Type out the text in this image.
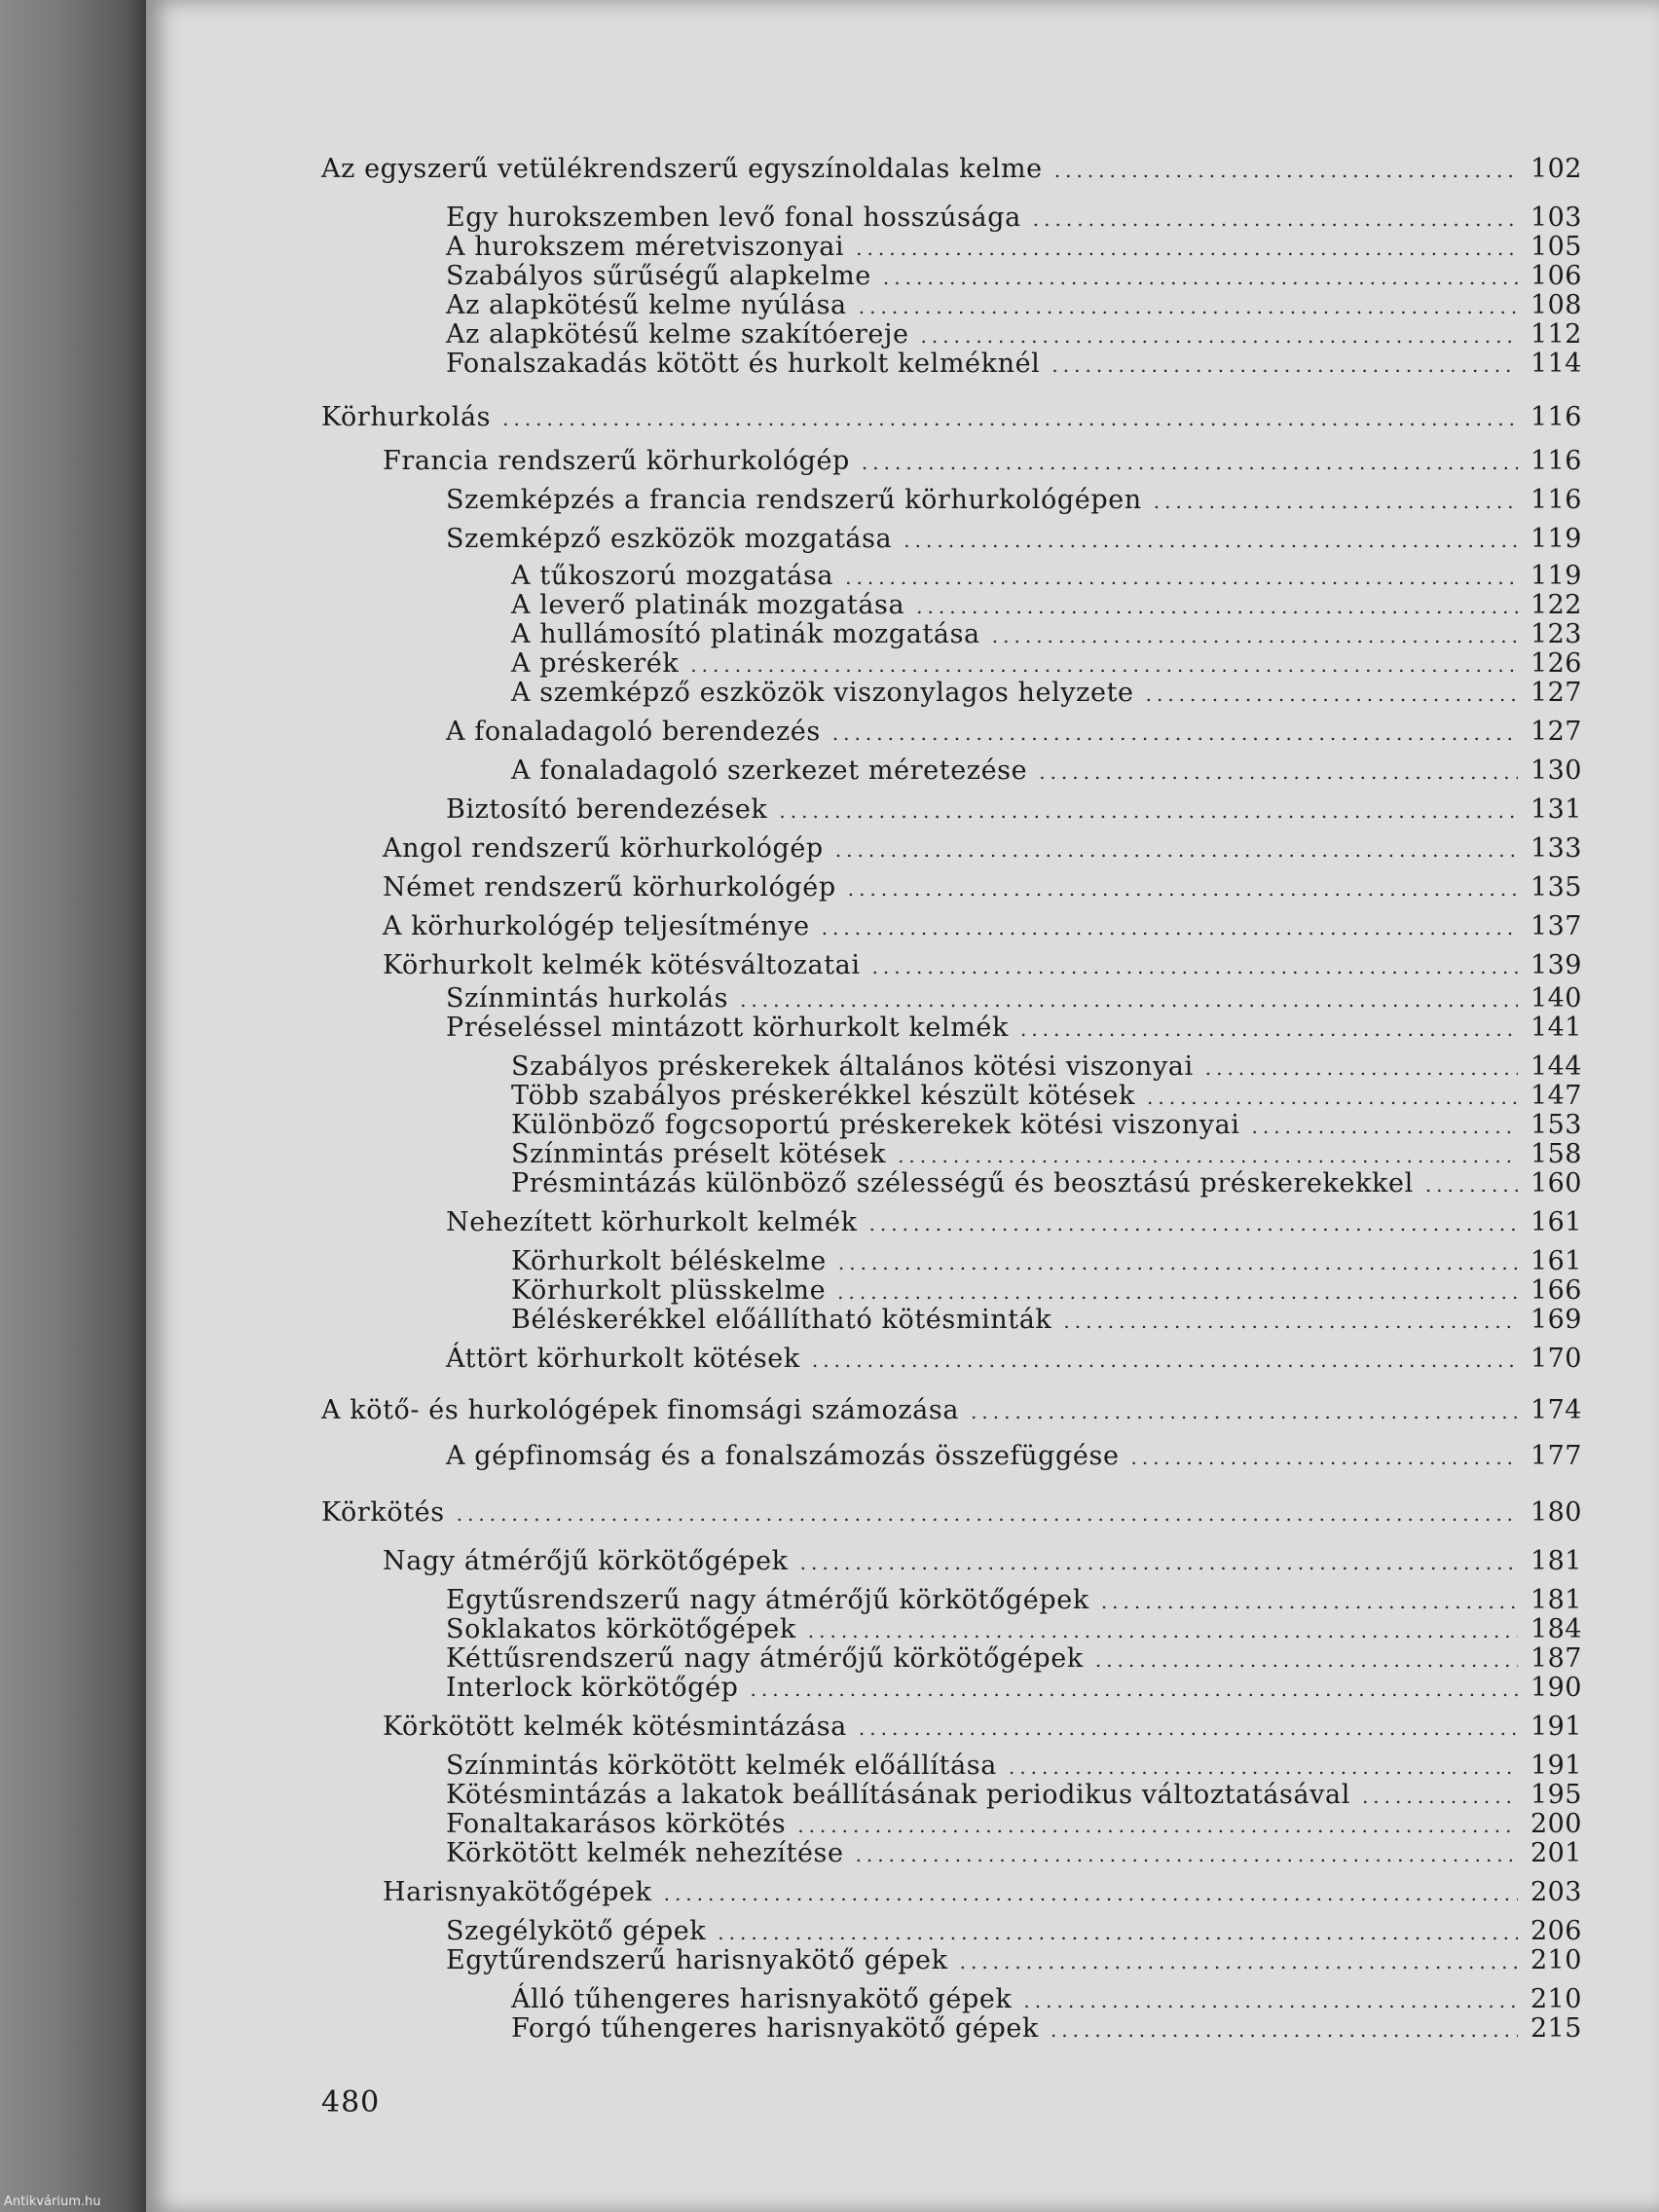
Az egyszerű vetülékrendszerű egyszínoldalas kelme .....	102
Egy hurokszemben levő fonal hosszúsága .....	103
A hurokszem méretviszonyai .....	105
Szabályos sűrűségű alapkelme .....	106
Az alapkötésű kelme nyúlása .....	108
Az alapkötésű kelme szakítóereje .....	112
Fonalszakadás kötött és hurkolt kelméknél .....	114
Körhurkolás .....	116
Francia rendszerű körhurkológép .....	116
Szemképzés a francia rendszerű körhurkológépen .....	116
Szemképző eszközök mozgatása .....	119
A tűkoszorú mozgatása .....	119
A leverő platinák mozgatása .....	122
A hullámosító platinák mozgatása .....	123
A préskerék .....	126
A szemképző eszközök viszonylagos helyzete .....	127
A fonaladagoló berendezés .....	127
A fonaladagoló szerkezet méretezése .....	130
Biztosító berendezések .....	131
Angol rendszerű körhurkológép .....	133
Német rendszerű körhurkológép .....	135
A körhurkológép teljesítménye .....	137
Körhurkolt kelmék kötésváltozatai .....	139
Színmintás hurkolás .....	140
Préseléssel mintázott körhurkolt kelmék .....	141
Szabályos préskerekek általános kötési viszonyai .....	144
Több szabályos préskerékkel készült kötések .....	147
Különböző fogcsoportú préskerekek kötési viszonyai .....	153
Színmintás préselt kötések .....	158
Présmintázás különböző szélességű és beosztású préskerekekkel .....	160
Nehezített körhurkolt kelmék .....	161
Körhurkolt béléskelme .....	161
Körhurkolt plüsskelme .....	166
Béléskerékkel előállítható kötésminták .....	169
Áttört körhurkolt kötések .....	170
A kötő- és hurkológépek finomsági számozása .....	174
A gépfinomság és a fonalszámozás összefüggése .....	177
Körkötés .....	180
Nagy átmérőjű körkötőgépek .....	181
Egytűsrendszerű nagy átmérőjű körkötőgépek .....	181
Soklakatos körkötőgépek .....	184
Kéttűsrendszerű nagy átmérőjű körkötőgépek .....	187
Interlock körkötőgép .....	190
Körkötött kelmék kötésmintázása .....	191
Színmintás körkötött kelmék előállítása .....	191
Kötésmintázás a lakatok beállításának periodikus változtatásával .....	195
Fonaltakarásos körkötés .....	200
Körkötött kelmék nehezítése .....	201
Harisnyakötőgépek .....	203
Szegélykötő gépek .....	206
Egytűrendszerű harisnyakötő gépek .....	210
Álló tűhengeres harisnyakötő gépek .....	210
Forgó tűhengeres harisnyakötő gépek .....	215
480
Antikvárium.hu
